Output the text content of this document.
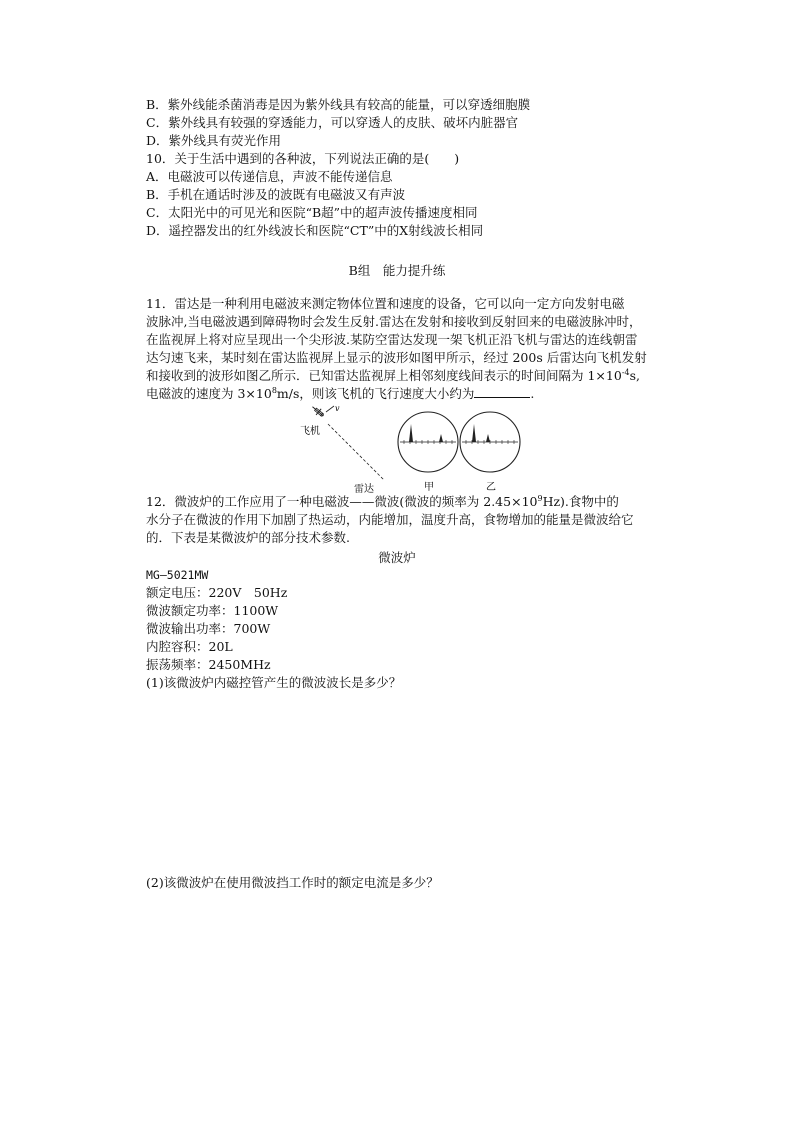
B．紫外线能杀菌消毒是因为紫外线具有较高的能量，可以穿透细胞膜
C．紫外线具有较强的穿透能力，可以穿透人的皮肤、破坏内脏器官
D．紫外线具有荧光作用
10．关于生活中遇到的各种波，下列说法正确的是(　　)
A．电磁波可以传递信息，声波不能传递信息
B．手机在通话时涉及的波既有电磁波又有声波
C．太阳光中的可见光和医院“B超”中的超声波传播速度相同
D．遥控器发出的红外线波长和医院“CT”中的X射线波长相同
B组　能力提升练
11．雷达是一种利用电磁波来测定物体位置和速度的设备，它可以向一定方向发射电磁
波脉冲,当电磁波遇到障碍物时会发生反射.雷达在发射和接收到反射回来的电磁波脉冲时，
在监视屏上将对应呈现出一个尖形波.某防空雷达发现一架飞机正沿飞机与雷达的连线朝雷
达匀速飞来，某时刻在雷达监视屏上显示的波形如图甲所示，经过 200s 后雷达向飞机发射
和接收到的波形如图乙所示．已知雷达监视屏上相邻刻度线间表示的时间间隔为 $1\times 10^{-4}s$,
电磁波的速度为 $3\times 10^8m/s$，则该飞机的飞行速度大小约为	.
v
飞机
雷达	甲	乙
12．微波炉的工作应用了一种电磁波——微波(微波的频率为 $2.45\times 10^9Hz$).食物中的
水分子在微波的作用下加剧了热运动，内能增加，温度升高，食物增加的能量是微波给它
的．下表是某微波炉的部分技术参数.
微波炉
MG—5021MW
额定电压：220V　50Hz
微波额定功率：1100W
微波输出功率：700W
内腔容积：20L
振荡频率：2450MHz
(1)该微波炉内磁控管产生的微波波长是多少？
(2)该微波炉在使用微波挡工作时的额定电流是多少？
